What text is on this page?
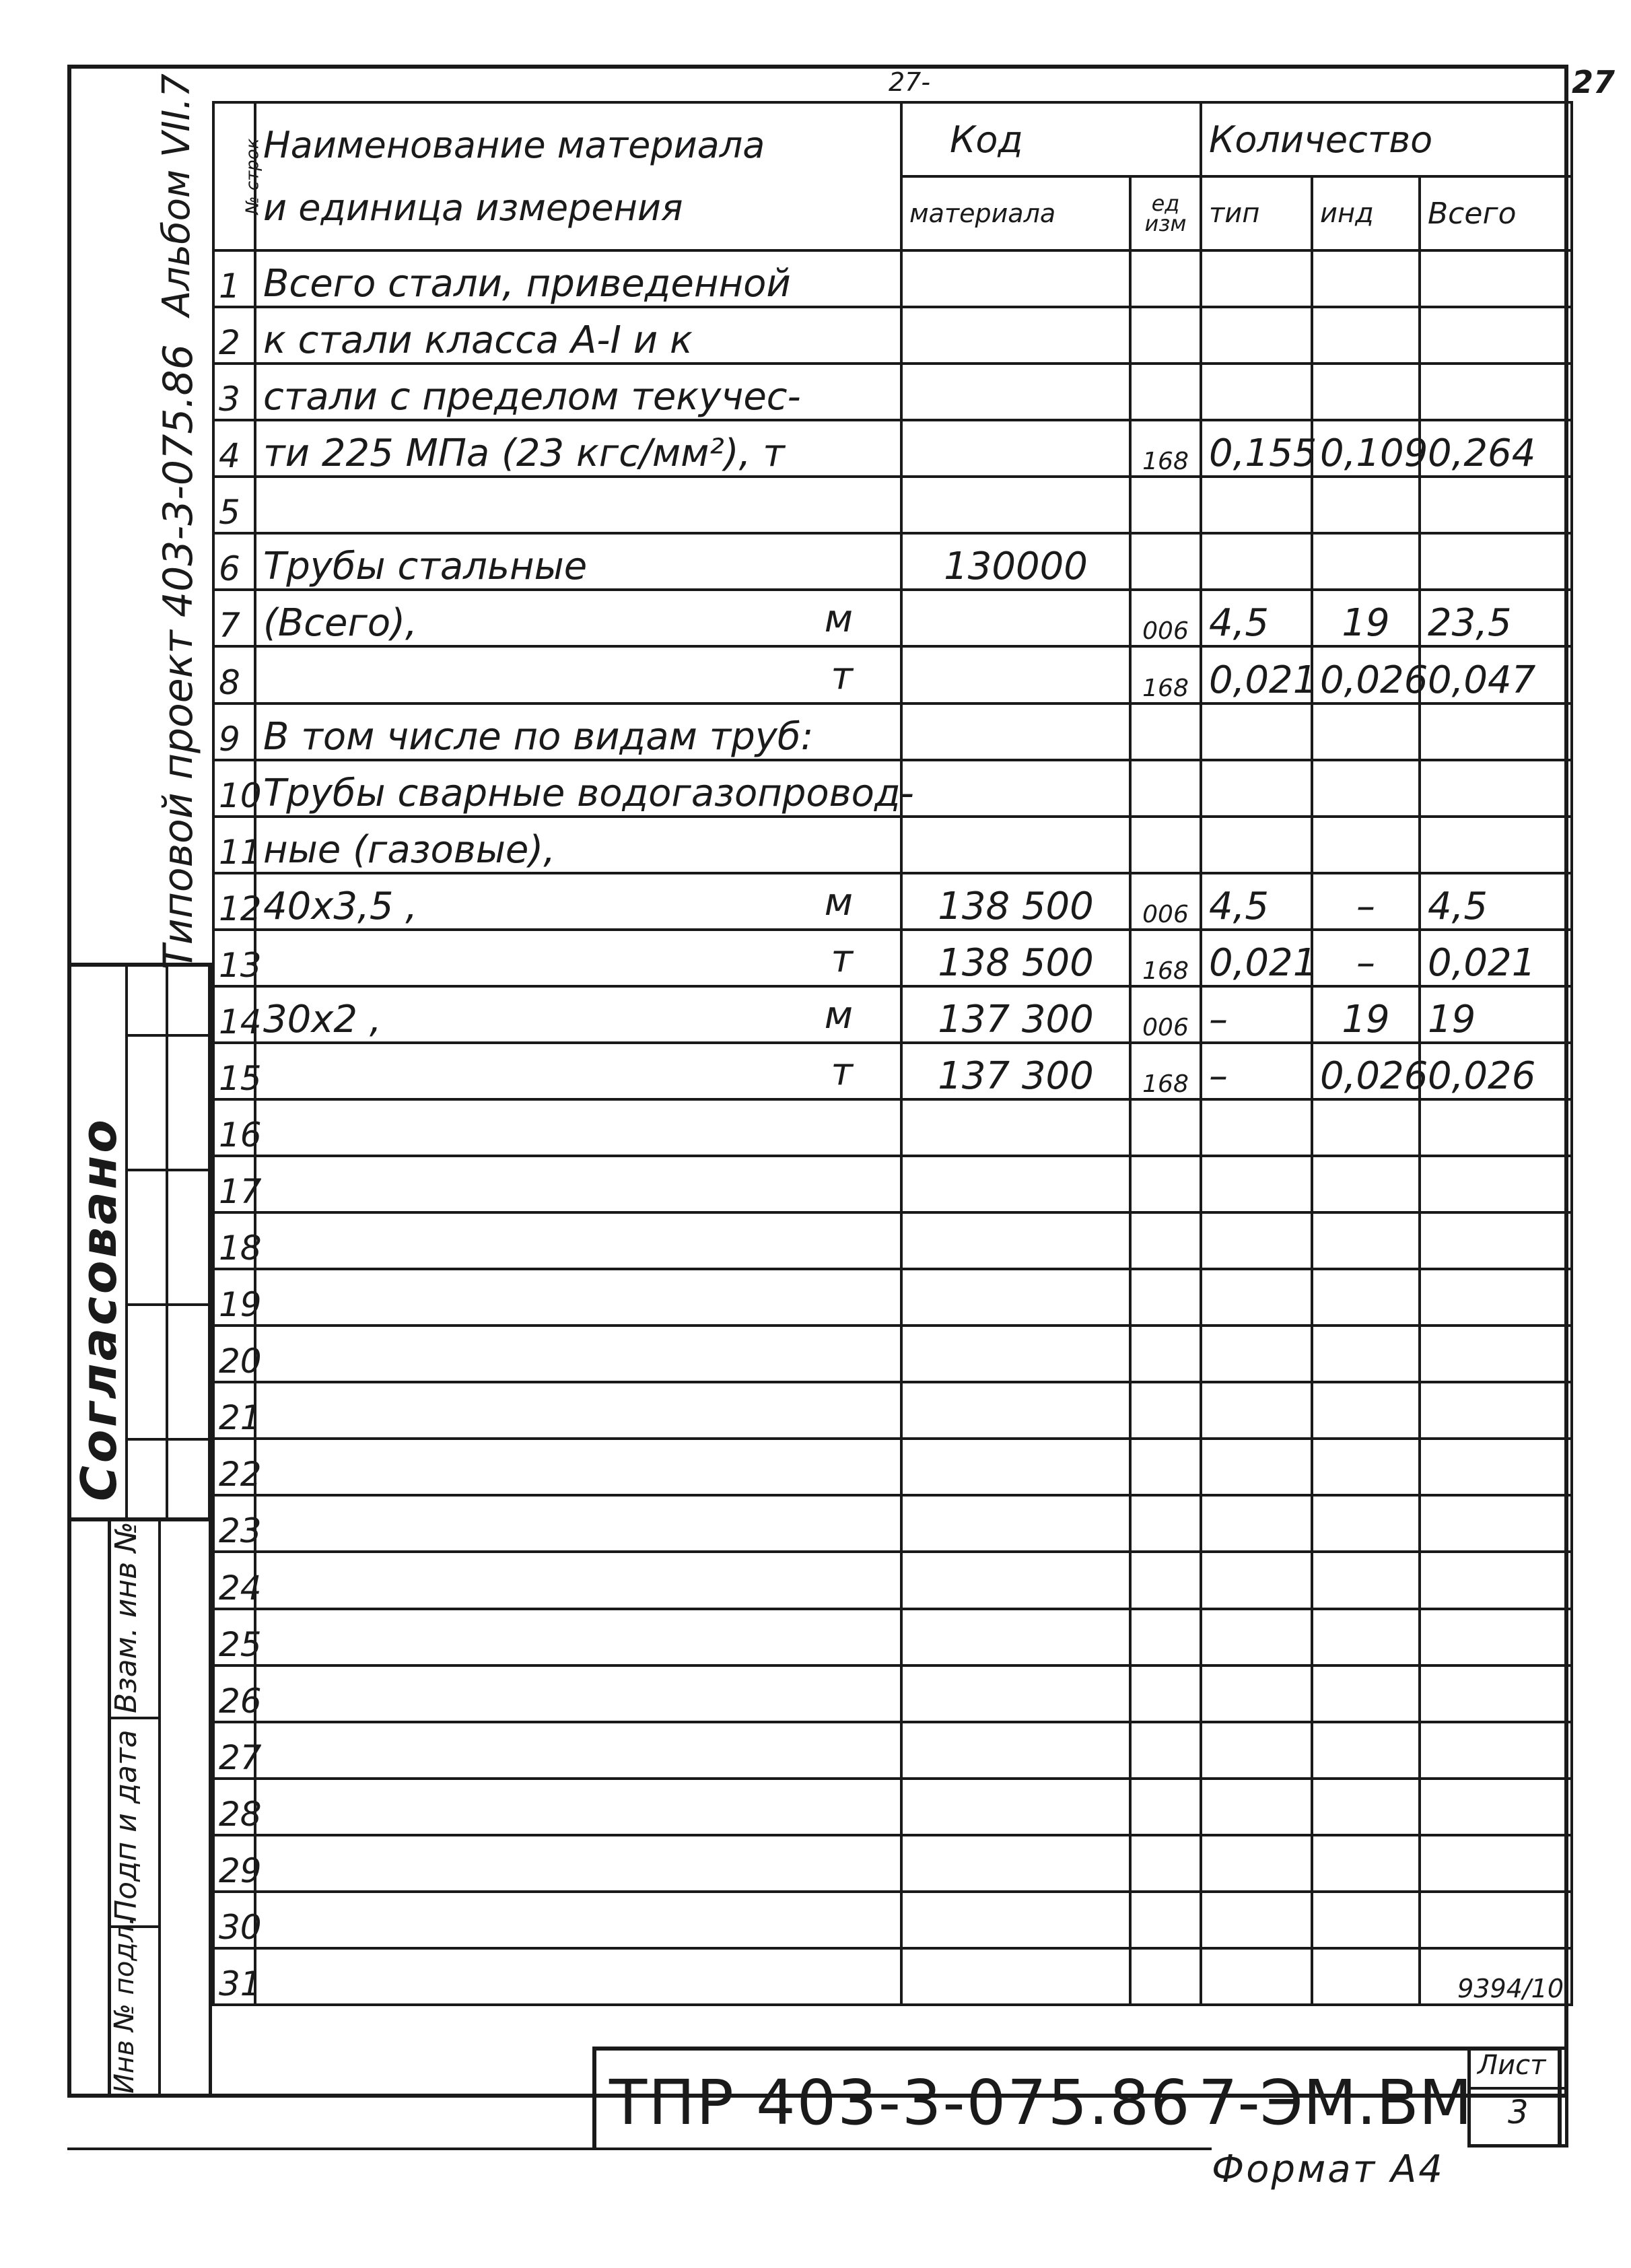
27-	27
Альбом VII.7
Типовой проект 403-3-075.86
Согласовано
Взам. инв №
Подп и дата
Инв № подл.
№ строк	Наименование материала
и единица измерения	Код		Количество		
		материала	ед изм	тип	инд	Всего
1	Всего стали, приведенной

2	к стали класса А-I и к

3	стали с пределом текучес-

4	ти 225 МПа (23 кгс/мм²), т		168	0,155	0,109	0,264
5	

6	Трубы стальные	130000				
7	(Всего), м		006	4,5	19	23,5
8	т		168	0,021	0,026	0,047
9	В том числе по видам труб:

10	Трубы сварные водогазопровод-

11	ные (газовые),

12	40x3,5 , м	138 500	006	4,5	–	4,5
13	т	138 500	168	0,021	–	0,021
14	30x2 , м	137 300	006	–	19	19
15	т	137 300	168	–	0,026	0,026
16	

17	

18	

19	

20	

21	

22	

23	

24	

25	

26	

27	

28	

29	

30	

31						9394/10
ТПР 403-3-075.86 7-ЭМ.ВМ
Лист
3
Формат А4
